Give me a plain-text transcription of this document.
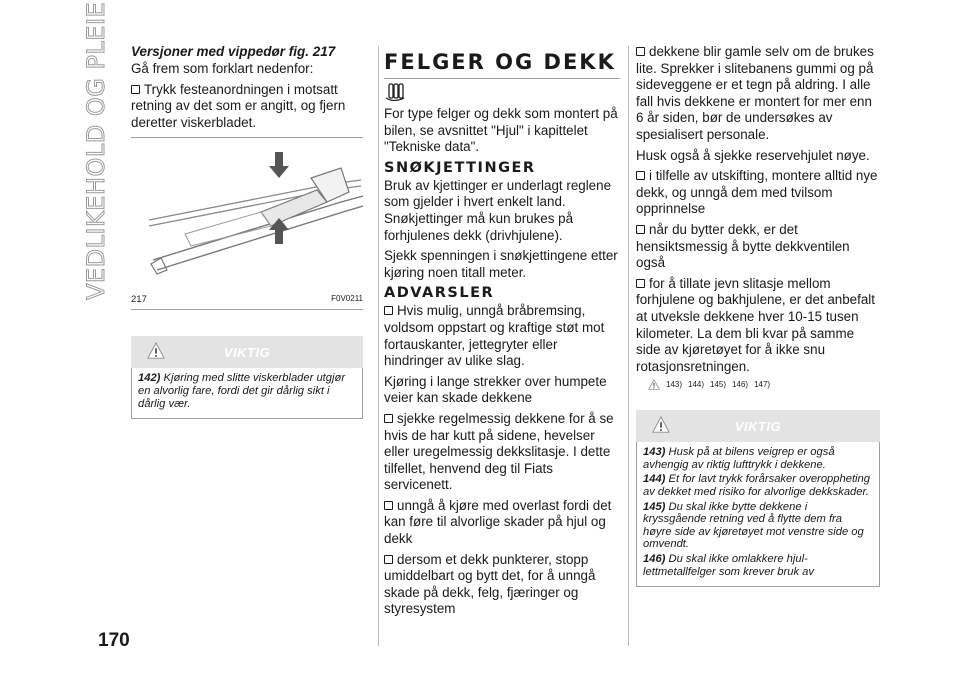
VEDLIKEHOLD OG PLEIE
170
Versjoner med vippedør fig. 217

Gå frem som forklart nedenfor:

Trykk festeanordningen i motsatt retning av det som er angitt, og fjern deretter viskerbladet.

217	F0V0211
VIKTIG

142) Kjøring med slitte viskerblader utgjør en alvorlig fare, fordi det gir dårlig sikt i dårlig vær.

FELGER OG DEKK

For type felger og dekk som montert på bilen, se avsnittet "Hjul" i kapittelet "Tekniske data".

SNØKJETTINGER

Bruk av kjettinger er underlagt reglene som gjelder i hvert enkelt land. Snøkjettinger må kun brukes på forhjulenes dekk (drivhjulene).

Sjekk spenningen i snøkjettingene etter kjøring noen titall meter.

ADVARSLER

Hvis mulig, unngå bråbremsing, voldsom oppstart og kraftige støt mot fortauskanter, jettegryter eller hindringer av ulike slag.

Kjøring i lange strekker over humpete veier kan skade dekkene

sjekke regelmessig dekkene for å se hvis de har kutt på sidene, hevelser eller uregelmessig dekkslitasje. I dette tilfellet, henvend deg til Fiats servicenett.

unngå å kjøre med overlast fordi det kan føre til alvorlige skader på hjul og dekk

dersom et dekk punkterer, stopp umiddelbart og bytt det, for å unngå skade på dekk, felg, fjæringer og styresystem

dekkene blir gamle selv om de brukes lite. Sprekker i slitebanens gummi og på sideveggene er et tegn på aldring. I alle fall hvis dekkene er montert for mer enn 6 år siden, bør de undersøkes av spesialisert personale.

Husk også å sjekke reservehjulet nøye.

i tilfelle av utskifting, montere alltid nye dekk, og unngå dem med tvilsom opprinnelse

når du bytter dekk, er det hensiktsmessig å bytte dekkventilen også

for å tillate jevn slitasje mellom forhjulene og bakhjulene, er det anbefalt at utveksle dekkene hver 10-15 tusen kilometer. La dem bli kvar på samme side av kjøretøyet for å ikke snu rotasjonsretningen.

143) 144) 145) 146) 147)
VIKTIG

143) Husk på at bilens veigrep er også avhengig av riktig lufttrykk i dekkene.

144) Et for lavt trykk forårsaker overoppheting av dekket med risiko for alvorlige dekkskader.

145) Du skal ikke bytte dekkene i kryssgående retning ved å flytte dem fra høyre side av kjøretøyet mot venstre side og omvendt.

146) Du skal ikke omlakkere hjul-lettmetallfelger som krever bruk av
